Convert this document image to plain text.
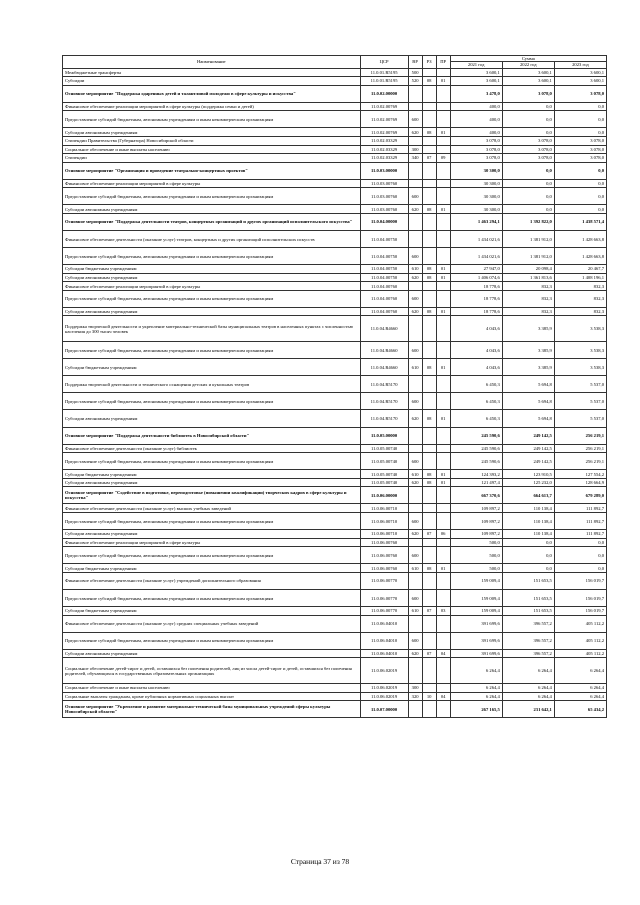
Наименование	ЦСР	ВР	РЗ	ПР	Сумма		
					2021 год	2022 год	2023 год
Межбюджетные трансферты	11.0.01.R5195	500			3 600,1	3 600,1	3 600,1
Субсидии	11.0.01.R5195	520	08	01	3 600,1	3 600,1	3 600,1
Основное мероприятие "Поддержка одаренных детей и талантливой молодежи в сфере культуры и искусства"	11.0.02.00000				3 478,0	3 078,0	3 078,0
Финансовое обеспечение реализации мероприятий в сфере культуры (поддержка семьи и детей)	11.0.02.00769				400,0	0,0	0,0
Предоставление субсидий бюджетным, автономным учреждениям и иным некоммерческим организациям	11.0.02.00769	600			400,0	0,0	0,0
Субсидии автономным учреждениям	11.0.02.00769	620	08	01	400,0	0,0	0,0
Стипендии Правительства (Губернатора) Новосибирской области	11.0.02.03329				3 078,0	3 078,0	3 078,0
Социальное обеспечение и иные выплаты населению	11.0.02.03329	300			3 078,0	3 078,0	3 078,0
Стипендии	11.0.02.03329	340	07	09	3 078,0	3 078,0	3 078,0
Основное мероприятие "Организация и проведение театрально-концертных проектов"	11.0.03.00000				30 300,0	0,0	0,0
Финансовое обеспечение реализации мероприятий в сфере культуры	11.0.03.00760				30 300,0	0,0	0,0
Предоставление субсидий бюджетным, автономным учреждениям и иным некоммерческим организациям	11.0.03.00760	600			30 300,0	0,0	0,0
Субсидии автономным учреждениям	11.0.03.00760	620	08	01	30 300,0	0,0	0,0
Основное мероприятие "Поддержка деятельности театров, концертных организаций и других организаций исполнительского искусства"	11.0.04.00000				1 463 294,1	1 392 822,0	1 438 571,4
Финансовое обеспечение деятельности (оказание услуг) театров, концертных и других организаций исполнительских искусств	11.0.04.00750				1 434 021,6	1 381 912,0	1 428 663,8
Предоставление субсидий бюджетным, автономным учреждениям и иным некоммерческим организациям	11.0.04.00750	600			1 434 021,6	1 381 912,0	1 428 663,8
Субсидии бюджетным учреждениям	11.0.04.00750	610	08	01	27 947,0	20 098,4	20 467,7
Субсидии автономным учреждениям	11.0.04.00750	620	08	01	1 406 074,6	1 361 813,6	1 408 196,1
Финансовое обеспечение реализации мероприятий в сфере культуры	11.0.04.00760				18 778,6	832,3	832,3
Предоставление субсидий бюджетным, автономным учреждениям и иным некоммерческим организациям	11.0.04.00760	600			18 778,6	832,3	832,3
Субсидии автономным учреждениям	11.0.04.00760	620	08	01	18 778,6	832,3	832,3
Поддержка творческой деятельности и укрепление материально-технической базы муниципальных театров в населенных пунктах с численностью населения до 300 тысяч человек	11.0.04.R4660				4 043,6	3 385,9	3 538,3
Предоставление субсидий бюджетным, автономным учреждениям и иным некоммерческим организациям	11.0.04.R4660	600			4 043,6	3 385,9	3 538,3
Субсидии бюджетным учреждениям	11.0.04.R4660	610	08	01	4 043,6	3 385,9	3 538,3
Поддержка творческой деятельности и технического оснащения детских и кукольных театров	11.0.04.R5170				6 450,3	5 694,8	5 537,0
Предоставление субсидий бюджетным, автономным учреждениям и иным некоммерческим организациям	11.0.04.R5170	600			6 450,3	5 694,8	5 537,0
Субсидии автономным учреждениям	11.0.04.R5170	620	08	01	6 450,3	5 694,8	5 537,0
Основное мероприятие "Поддержка деятельности библиотек в Новосибирской области"	11.0.05.00000				245 590,6	249 142,5	256 219,1
Финансовое обеспечение деятельности (оказание услуг) библиотек	11.0.05.00740				245 590,6	249 142,5	256 219,1
Предоставление субсидий бюджетным, автономным учреждениям и иным некоммерческим организациям	11.0.05.00740	600			245 590,6	249 142,5	256 219,1
Субсидии бюджетным учреждениям	11.0.05.00740	610	08	01	124 393,2	123 910,5	127 554,2
Субсидии автономным учреждениям	11.0.05.00740	620	08	01	121 497,4	125 232,0	128 664,9
Основное мероприятие "Содействие в подготовке, переподготовке (повышении квалификации) творческих кадров в сфере культуры и искусства"	11.0.06.00000				667 370,6	664 613,7	679 289,0
Финансовое обеспечение деятельности (оказание услуг) высших учебных заведений	11.0.06.00710				109 897,2	110 138,4	111 892,7
Предоставление субсидий бюджетным, автономным учреждениям и иным некоммерческим организациям	11.0.06.00710	600			109 897,2	110 138,4	111 892,7
Субсидии автономным учреждениям	11.0.06.00710	620	07	06	109 897,2	110 138,4	111 892,7
Финансовое обеспечение реализации мероприятий в сфере культуры	11.0.06.00760				500,0	0,0	0,0
Предоставление субсидий бюджетным, автономным учреждениям и иным некоммерческим организациям	11.0.06.00760	600			500,0	0,0	0,0
Субсидии бюджетным учреждениям	11.0.06.00760	610	08	01	500,0	0,0	0,0
Финансовое обеспечение деятельности (оказание услуг) учреждений дополнительного образования	11.0.06.00770				159 009,4	151 653,5	156 019,7
Предоставление субсидий бюджетным, автономным учреждениям и иным некоммерческим организациям	11.0.06.00770	600			159 009,4	151 653,5	156 019,7
Субсидии бюджетным учреждениям	11.0.06.00770	610	07	03	159 009,4	151 653,5	156 019,7
Финансовое обеспечение деятельности (оказание услуг) средних специальных учебных заведений	11.0.06.04010				391 699,6	396 557,2	405 112,2
Предоставление субсидий бюджетным, автономным учреждениям и иным некоммерческим организациям	11.0.06.04010	600			391 699,6	396 557,2	405 112,2
Субсидии автономным учреждениям	11.0.06.04010	620	07	04	391 699,6	396 557,2	405 112,2
Социальное обеспечение детей-сирот и детей, оставшихся без попечения родителей, лиц из числа детей-сирот и детей, оставшихся без попечения родителей, обучающихся в государственных образовательных организациях	11.0.06.02019				6 264,4	6 264,4	6 264,4
Социальное обеспечение и иные выплаты населению	11.0.06.02019	300			6 264,4	6 264,4	6 264,4
Социальные выплаты гражданам, кроме публичных нормативных социальных выплат	11.0.06.02019	320	10	04	6 264,4	6 264,4	6 264,4
Основное мероприятие "Укрепление и развитие материально-технической базы муниципальных учреждений сферы культуры Новосибирской области"	11.0.07.00000				267 165,5	231 642,1	65 434,2
Страница 37 из 78
